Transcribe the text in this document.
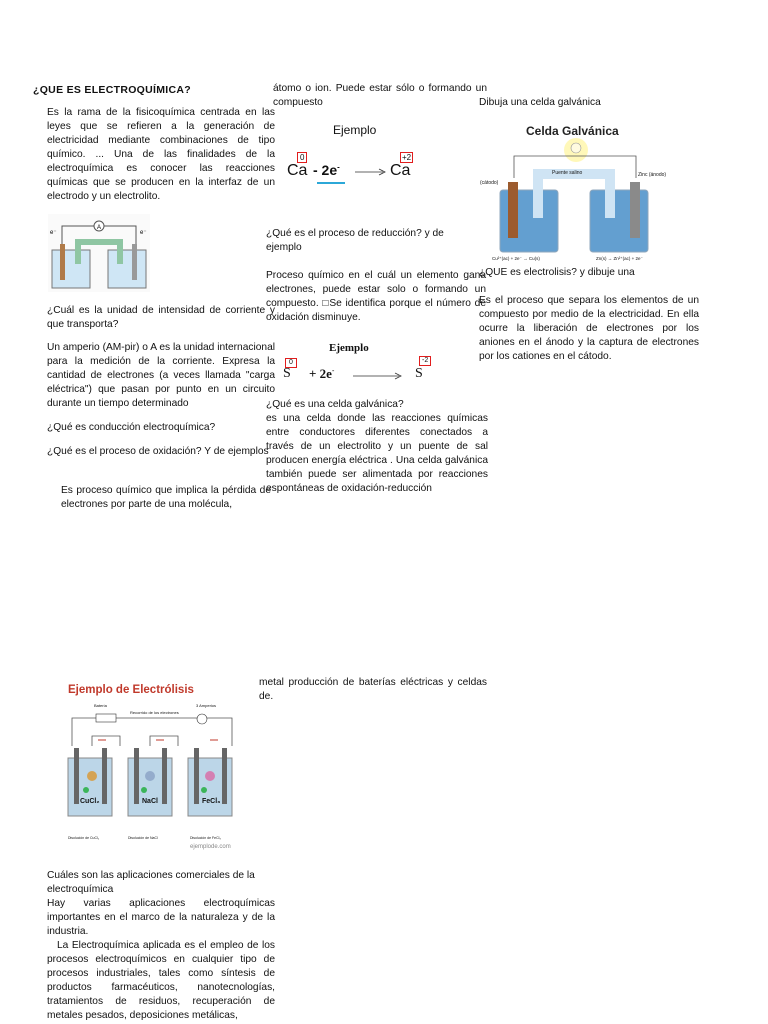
¿QUE ES ELECTROQUÍMICA?

Es la rama de la fisicoquímica centrada en las leyes que se refieren a la generación de electricidad mediante combinaciones de tipo químico. ... Una de las finalidades de la electroquímica es conocer las reacciones químicas que se producen en la interfaz de un electrodo y un electrolito.

A
e⁻	e⁻

¿Cuál es la unidad de intensidad de corriente y que transporta?

Un amperio (AM-pir) o A es la unidad internacional para la medición de la corriente. Expresa la cantidad de electrones (a veces llamada "carga eléctrica") que pasan por punto en un circuito durante un tiempo determinado

¿Qué es conducción electroquímica?

¿Qué es el proceso de oxidación? Y de ejemplos

Es proceso químico que implica la pérdida de electrones por parte de una molécula,

átomo o ion. Puede estar sólo o formando un compuesto

Ejemplo
0
Ca - 2e-
+2
Ca

¿Qué es el proceso de reducción? y de ejemplo

Proceso químico en el cuál un elemento gana electrones, puede estar solo o formando un compuesto. □Se identifica porque el número de oxidación disminuye.

Ejemplo
0
S + 2e-
-2
S

¿Qué es una celda galvánica?

es una celda donde las reacciones químicas entre conductores diferentes conectados a través de un electrolito y un puente de sal producen energía eléctrica . Una celda galvánica también puede ser alimentada por reacciones espontáneas de oxidación-reducción

Dibuja una celda galvánica

Celda Galvánica
Puente salino	Zinc (ánodo)
(cátodo)
Cu²⁺(ac) + 2e⁻ → Cu(s)	Zn(s) → Zn²⁺(ac) + 2e⁻

¿QUE es electrolisis? y dibuje una

Es el proceso que separa los elementos de un compuesto por medio de la electricidad. En ella ocurre la liberación de electrones por los aniones en el ánodo y la captura de electrones por los cationes en el cátodo.

Ejemplo de Electrólisis
Batería
Recorrido de los electrones
3 Amperios
CuCl₂	NaCl	FeCl₃
Disolución de CuCl₂	Disolución de NaCl	Disolución de FeCl₃
ejemplode.com

metal producción de baterías eléctricas y celdas de.

Cuáles son las aplicaciones comerciales de la electroquímica

Hay varias aplicaciones electroquímicas importantes en el marco de la naturaleza y de la industria.

La Electroquímica aplicada es el empleo de los procesos electroquímicos en cualquier tipo de procesos industriales, tales como síntesis de productos farmacéuticos, nanotecnologías, tratamientos de residuos, recuperación de metales pesados, deposiciones metálicas,
